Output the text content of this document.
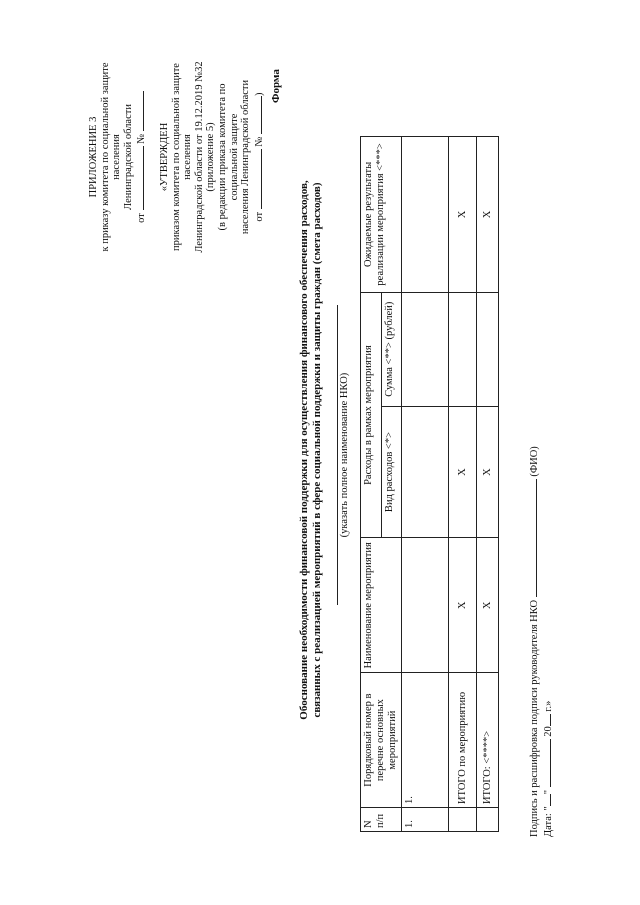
ПРИЛОЖЕНИЕ 3 к приказу комитета по социальной защите населения Ленинградской области

от  № «УТВЕРЖДЕН приказом комитета по социальной защите населения Ленинградской области от 19.12.2019 №32 (приложение 5) (в редакции приказа комитета по социальной защите населения Ленинградской области от  № ) Форма

Обоснование необходимости финансовой поддержки для осуществления финансового обеспечения расходов, связанных с реализацией мероприятий в сфере социальной поддержки и защиты граждан (смета расходов) (указать полное наименование НКО)
N п/п	Порядковый номер в перечне основных мероприятий	Наименование мероприятия	Расходы в рамках мероприятия		Ожидаемые результаты реализации мероприятия <***>
			Вид расходов <*>	Сумма <**> (рублей)	
1.	1.				
	ИТОГО по мероприятию	X	X		X
	ИТОГО: <****>	X	X		X

Подпись и расшифровка подписи руководителя НКО  (ФИО)

Дата: ""  20 г.»
